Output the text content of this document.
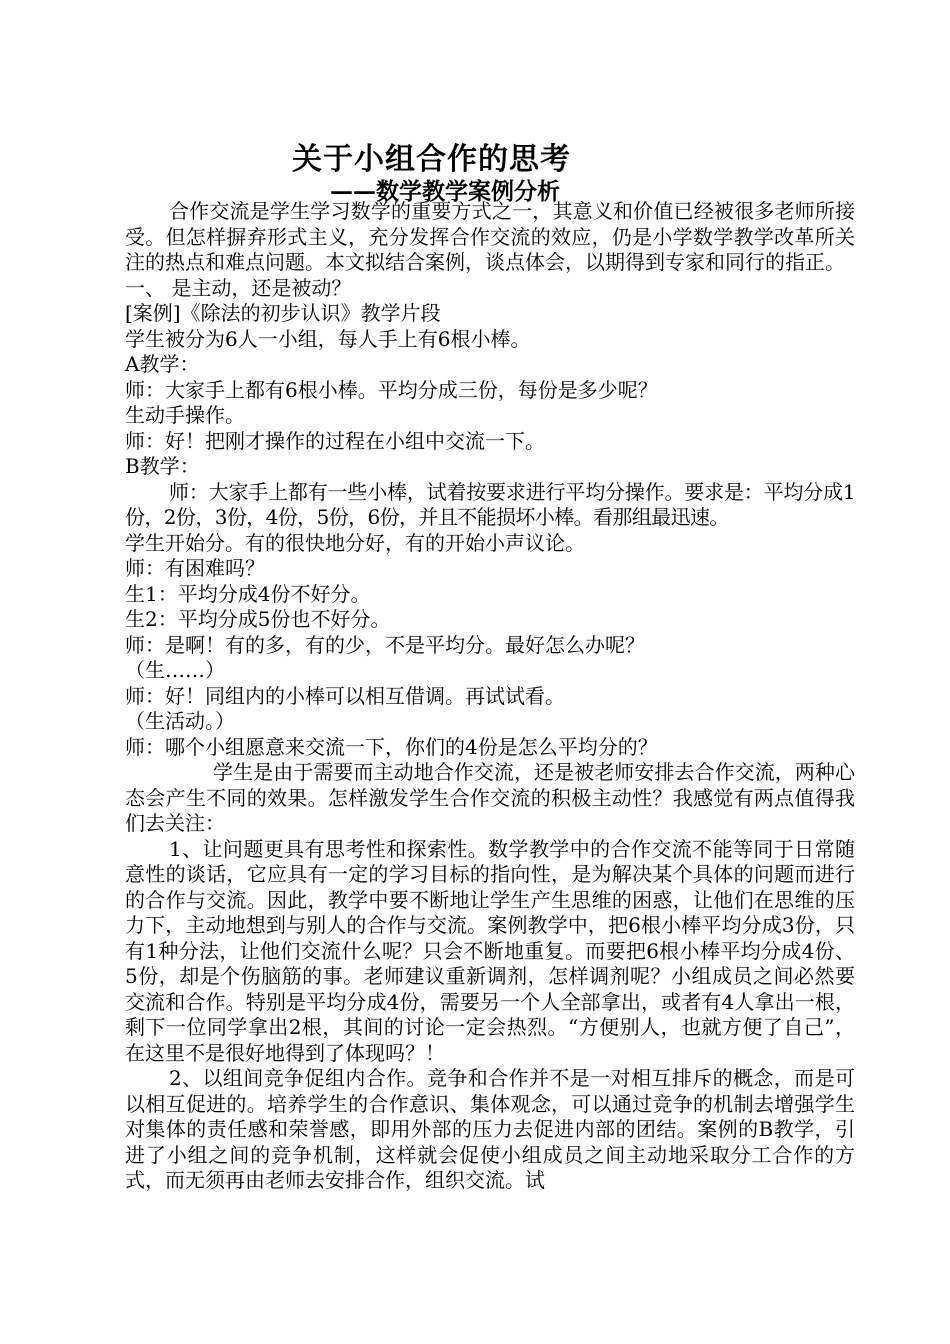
关于小组合作的思考
——数学教学案例分析

合作交流是学生学习数学的重要方式之一，其意义和价值已经被很多老师所接受。但怎样摒弃形式主义，充分发挥合作交流的效应，仍是小学数学教学改革所关注的热点和难点问题。本文拟结合案例，谈点体会，以期得到专家和同行的指正。

一、 是主动，还是被动？

[案例]《除法的初步认识》教学片段

学生被分为6人一小组，每人手上有6根小棒。

A教学：

师：大家手上都有6根小棒。平均分成三份，每份是多少呢？

生动手操作。

师：好！把刚才操作的过程在小组中交流一下。

B教学：

师：大家手上都有一些小棒，试着按要求进行平均分操作。要求是：平均分成1份，2份，3份，4份，5份，6份，并且不能损坏小棒。看那组最迅速。

学生开始分。有的很快地分好，有的开始小声议论。

师：有困难吗？

生1：平均分成4份不好分。

生2：平均分成5份也不好分。

师：是啊！有的多，有的少，不是平均分。最好怎么办呢？

（生……）

师：好！同组内的小棒可以相互借调。再试试看。

（生活动。）

师：哪个小组愿意来交流一下，你们的4份是怎么平均分的？

学生是由于需要而主动地合作交流，还是被老师安排去合作交流，两种心态会产生不同的效果。怎样激发学生合作交流的积极主动性？我感觉有两点值得我们去关注：

1、让问题更具有思考性和探索性。数学教学中的合作交流不能等同于日常随意性的谈话，它应具有一定的学习目标的指向性，是为解决某个具体的问题而进行的合作与交流。因此，教学中要不断地让学生产生思维的困惑，让他们在思维的压力下，主动地想到与别人的合作与交流。案例教学中，把6根小棒平均分成3份，只有1种分法，让他们交流什么呢？只会不断地重复。而要把6根小棒平均分成4份、5份，却是个伤脑筋的事。老师建议重新调剂，怎样调剂呢？小组成员之间必然要交流和合作。特别是平均分成4份，需要另一个人全部拿出，或者有4人拿出一根，剩下一位同学拿出2根，其间的讨论一定会热烈。“方便别人，也就方便了自己”，在这里不是很好地得到了体现吗？！

2、以组间竞争促组内合作。竞争和合作并不是一对相互排斥的概念，而是可以相互促进的。培养学生的合作意识、集体观念，可以通过竞争的机制去增强学生对集体的责任感和荣誉感，即用外部的压力去促进内部的团结。案例的B教学，引进了小组之间的竞争机制，这样就会促使小组成员之间主动地采取分工合作的方式，而无须再由老师去安排合作，组织交流。试
